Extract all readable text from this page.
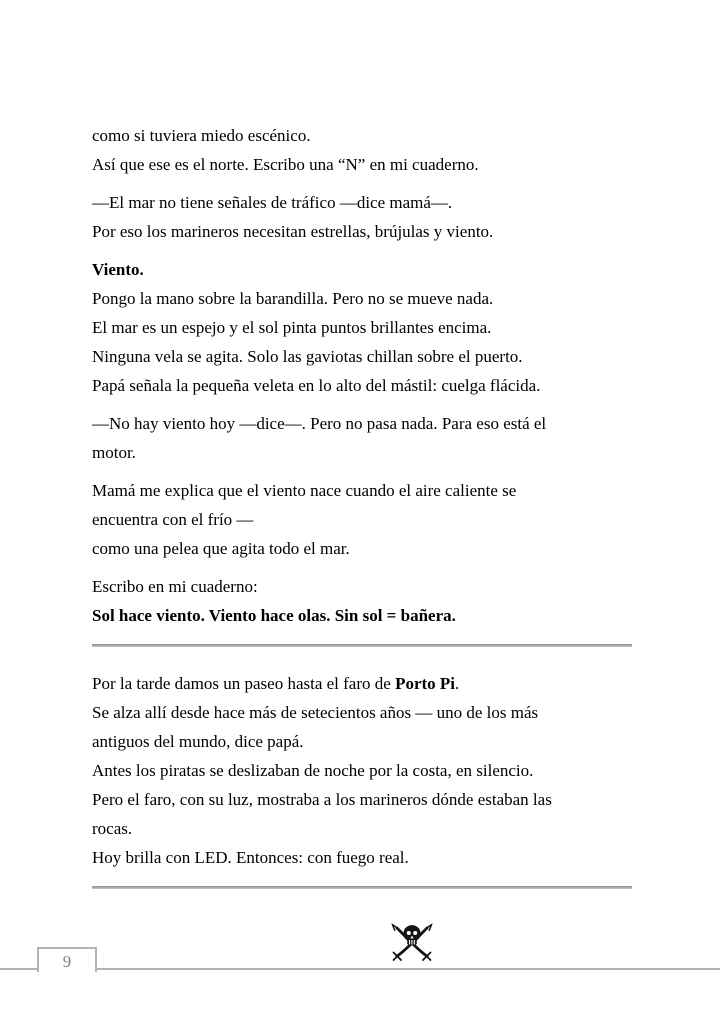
como si tuviera miedo escénico.
Así que ese es el norte. Escribo una “N” en mi cuaderno.
—El mar no tiene señales de tráfico —dice mamá—.
Por eso los marineros necesitan estrellas, brújulas y viento.
Viento.
Pongo la mano sobre la barandilla. Pero no se mueve nada.
El mar es un espejo y el sol pinta puntos brillantes encima.
Ninguna vela se agita. Solo las gaviotas chillan sobre el puerto.
Papá señala la pequeña veleta en lo alto del mástil: cuelga flácida.
—No hay viento hoy —dice—. Pero no pasa nada. Para eso está el
motor.
Mamá me explica que el viento nace cuando el aire caliente se
encuentra con el frío —
como una pelea que agita todo el mar.
Escribo en mi cuaderno:
Sol hace viento. Viento hace olas. Sin sol = bañera.
Por la tarde damos un paseo hasta el faro de Porto Pi.
Se alza allí desde hace más de setecientos años — uno de los más
antiguos del mundo, dice papá.
Antes los piratas se deslizaban de noche por la costa, en silencio.
Pero el faro, con su luz, mostraba a los marineros dónde estaban las
rocas.
Hoy brilla con LED. Entonces: con fuego real.
9
